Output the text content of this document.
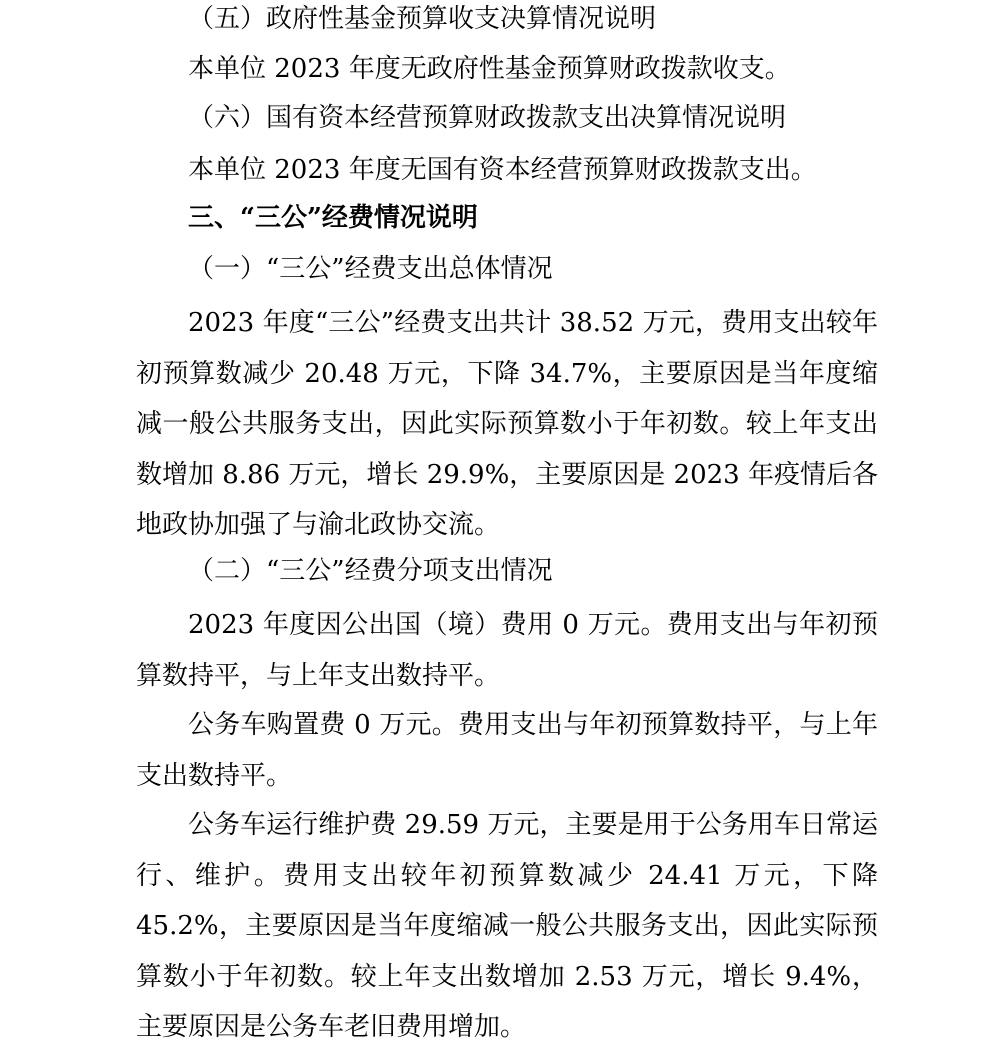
（五）政府性基金预算收支决算情况说明
本单位 2023 年度无政府性基金预算财政拨款收支。
（六）国有资本经营预算财政拨款支出决算情况说明
本单位 2023 年度无国有资本经营预算财政拨款支出。
三、“三公”经费情况说明
（一）“三公”经费支出总体情况

2023 年度“三公”经费支出共计 38.52 万元，费用支出较年初预算数减少 20.48 万元，下降 34.7%，主要原因是当年度缩减一般公共服务支出，因此实际预算数小于年初数。较上年支出数增加 8.86 万元，增长 29.9%，主要原因是 2023 年疫情后各地政协加强了与渝北政协交流。

（二）“三公”经费分项支出情况

2023 年度因公出国（境）费用 0 万元。费用支出与年初预算数持平，与上年支出数持平。

公务车购置费 0 万元。费用支出与年初预算数持平，与上年支出数持平。

公务车运行维护费 29.59 万元，主要是用于公务用车日常运行、维护。费用支出较年初预算数减少 24.41 万元，下降 45.2%，主要原因是当年度缩减一般公共服务支出，因此实际预算数小于年初数。较上年支出数增加 2.53 万元，增长 9.4%，主要原因是公务车老旧费用增加。
